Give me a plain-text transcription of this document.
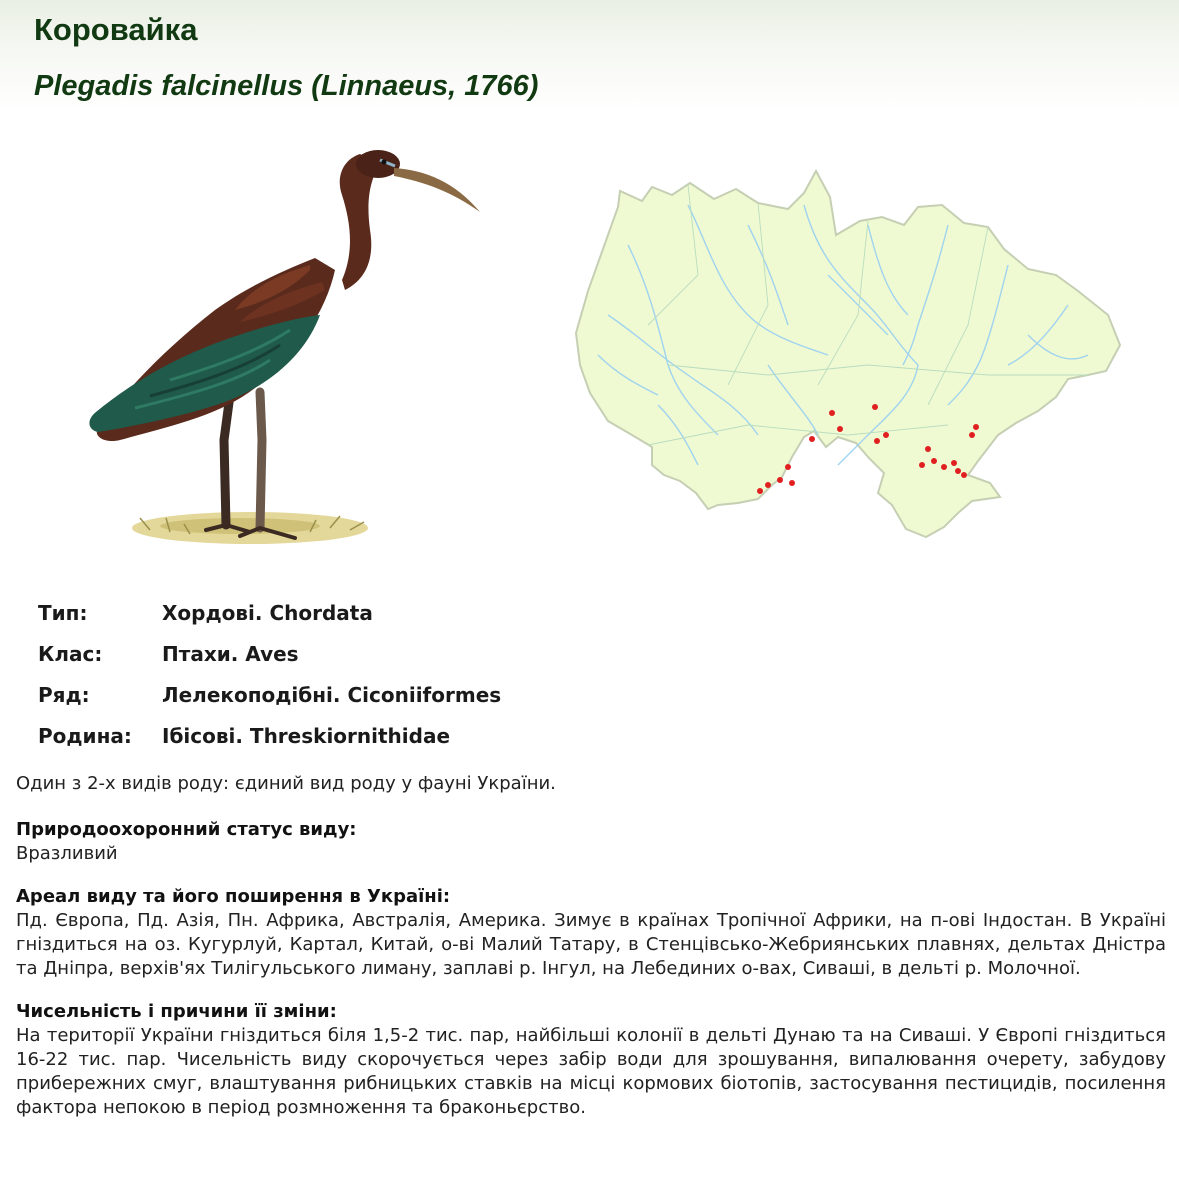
Коровайка
Plegadis falcinellus (Linnaeus, 1766)
Тип:	Хордові. Chordata
Клас:	Птахи. Aves
Ряд:	Лелекоподібні. Ciconiiformes
Родина:	Ібісові. Threskiornithidae

Один з 2-х видів роду: єдиний вид роду у фауні України.

Природоохоронний статус виду:

Вразливий

Ареал виду та його поширення в Україні:

Пд. Європа, Пд. Азія, Пн. Африка, Австралія, Америка. Зимує в країнах Тропічної Африки, на п-ові Індостан. В Україні гніздиться на оз. Кугурлуй, Картал, Китай, о-ві Малий Татару, в Стенцівсько-Жебриянських плавнях, дельтах Дністра та Дніпра, верхів'ях Тилігульського лиману, заплаві р. Інгул, на Лебединих о-вах, Сиваші, в дельті р. Молочної.

Чисельність і причини її зміни:

На території України гніздиться біля 1,5-2 тис. пар, найбільші колонії в дельті Дунаю та на Сиваші. У Європі гніздиться 16-22 тис. пар. Чисельність виду скорочується через забір води для зрошування, випалювання очерету, забудову прибережних смуг, влаштування рибницьких ставків на місці кормових біотопів, застосування пестицидів, посилення фактора непокою в період розмноження та браконьєрство.
